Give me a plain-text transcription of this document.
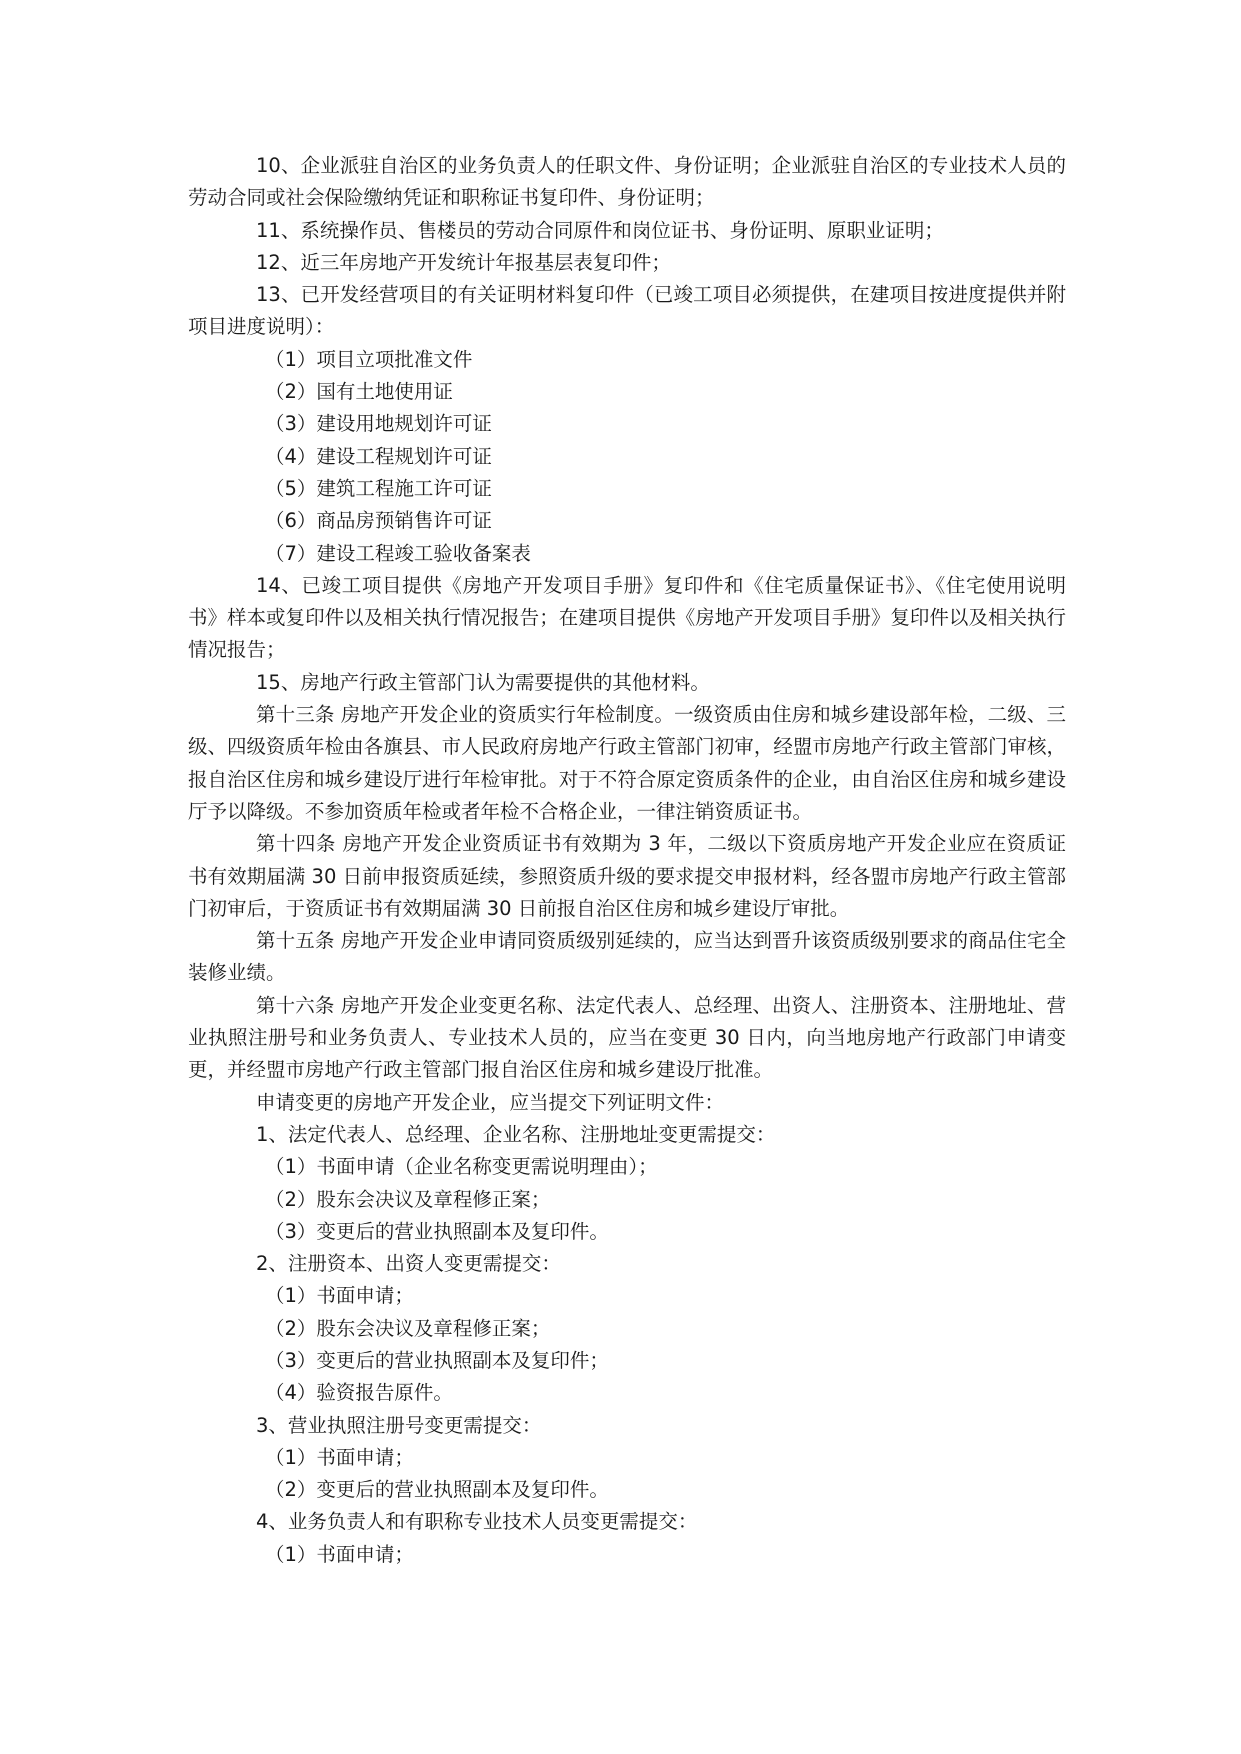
10、企业派驻自治区的业务负责人的任职文件、身份证明；企业派驻自治区的专业技术人员的劳动合同或社会保险缴纳凭证和职称证书复印件、身份证明；

11、系统操作员、售楼员的劳动合同原件和岗位证书、身份证明、原职业证明；

12、近三年房地产开发统计年报基层表复印件；

13、已开发经营项目的有关证明材料复印件（已竣工项目必须提供，在建项目按进度提供并附项目进度说明）：

（1）项目立项批准文件

（2）国有土地使用证

（3）建设用地规划许可证

（4）建设工程规划许可证

（5）建筑工程施工许可证

（6）商品房预销售许可证

（7）建设工程竣工验收备案表

14、已竣工项目提供《房地产开发项目手册》复印件和《住宅质量保证书》、《住宅使用说明书》样本或复印件以及相关执行情况报告；在建项目提供《房地产开发项目手册》复印件以及相关执行情况报告；

15、房地产行政主管部门认为需要提供的其他材料。

第十三条 房地产开发企业的资质实行年检制度。一级资质由住房和城乡建设部年检，二级、三级、四级资质年检由各旗县、市人民政府房地产行政主管部门初审，经盟市房地产行政主管部门审核，报自治区住房和城乡建设厅进行年检审批。对于不符合原定资质条件的企业，由自治区住房和城乡建设厅予以降级。不参加资质年检或者年检不合格企业，一律注销资质证书。

第十四条 房地产开发企业资质证书有效期为 3 年，二级以下资质房地产开发企业应在资质证书有效期届满 30 日前申报资质延续，参照资质升级的要求提交申报材料，经各盟市房地产行政主管部门初审后，于资质证书有效期届满 30 日前报自治区住房和城乡建设厅审批。

第十五条 房地产开发企业申请同资质级别延续的，应当达到晋升该资质级别要求的商品住宅全装修业绩。

第十六条 房地产开发企业变更名称、法定代表人、总经理、出资人、注册资本、注册地址、营业执照注册号和业务负责人、专业技术人员的，应当在变更 30 日内，向当地房地产行政部门申请变更，并经盟市房地产行政主管部门报自治区住房和城乡建设厅批准。

申请变更的房地产开发企业，应当提交下列证明文件：

1、法定代表人、总经理、企业名称、注册地址变更需提交：

（1）书面申请（企业名称变更需说明理由）；

（2）股东会决议及章程修正案；

（3）变更后的营业执照副本及复印件。

2、注册资本、出资人变更需提交：

（1）书面申请；

（2）股东会决议及章程修正案；

（3）变更后的营业执照副本及复印件；

（4）验资报告原件。

3、营业执照注册号变更需提交：

（1）书面申请；

（2）变更后的营业执照副本及复印件。

4、业务负责人和有职称专业技术人员变更需提交：

（1）书面申请；
